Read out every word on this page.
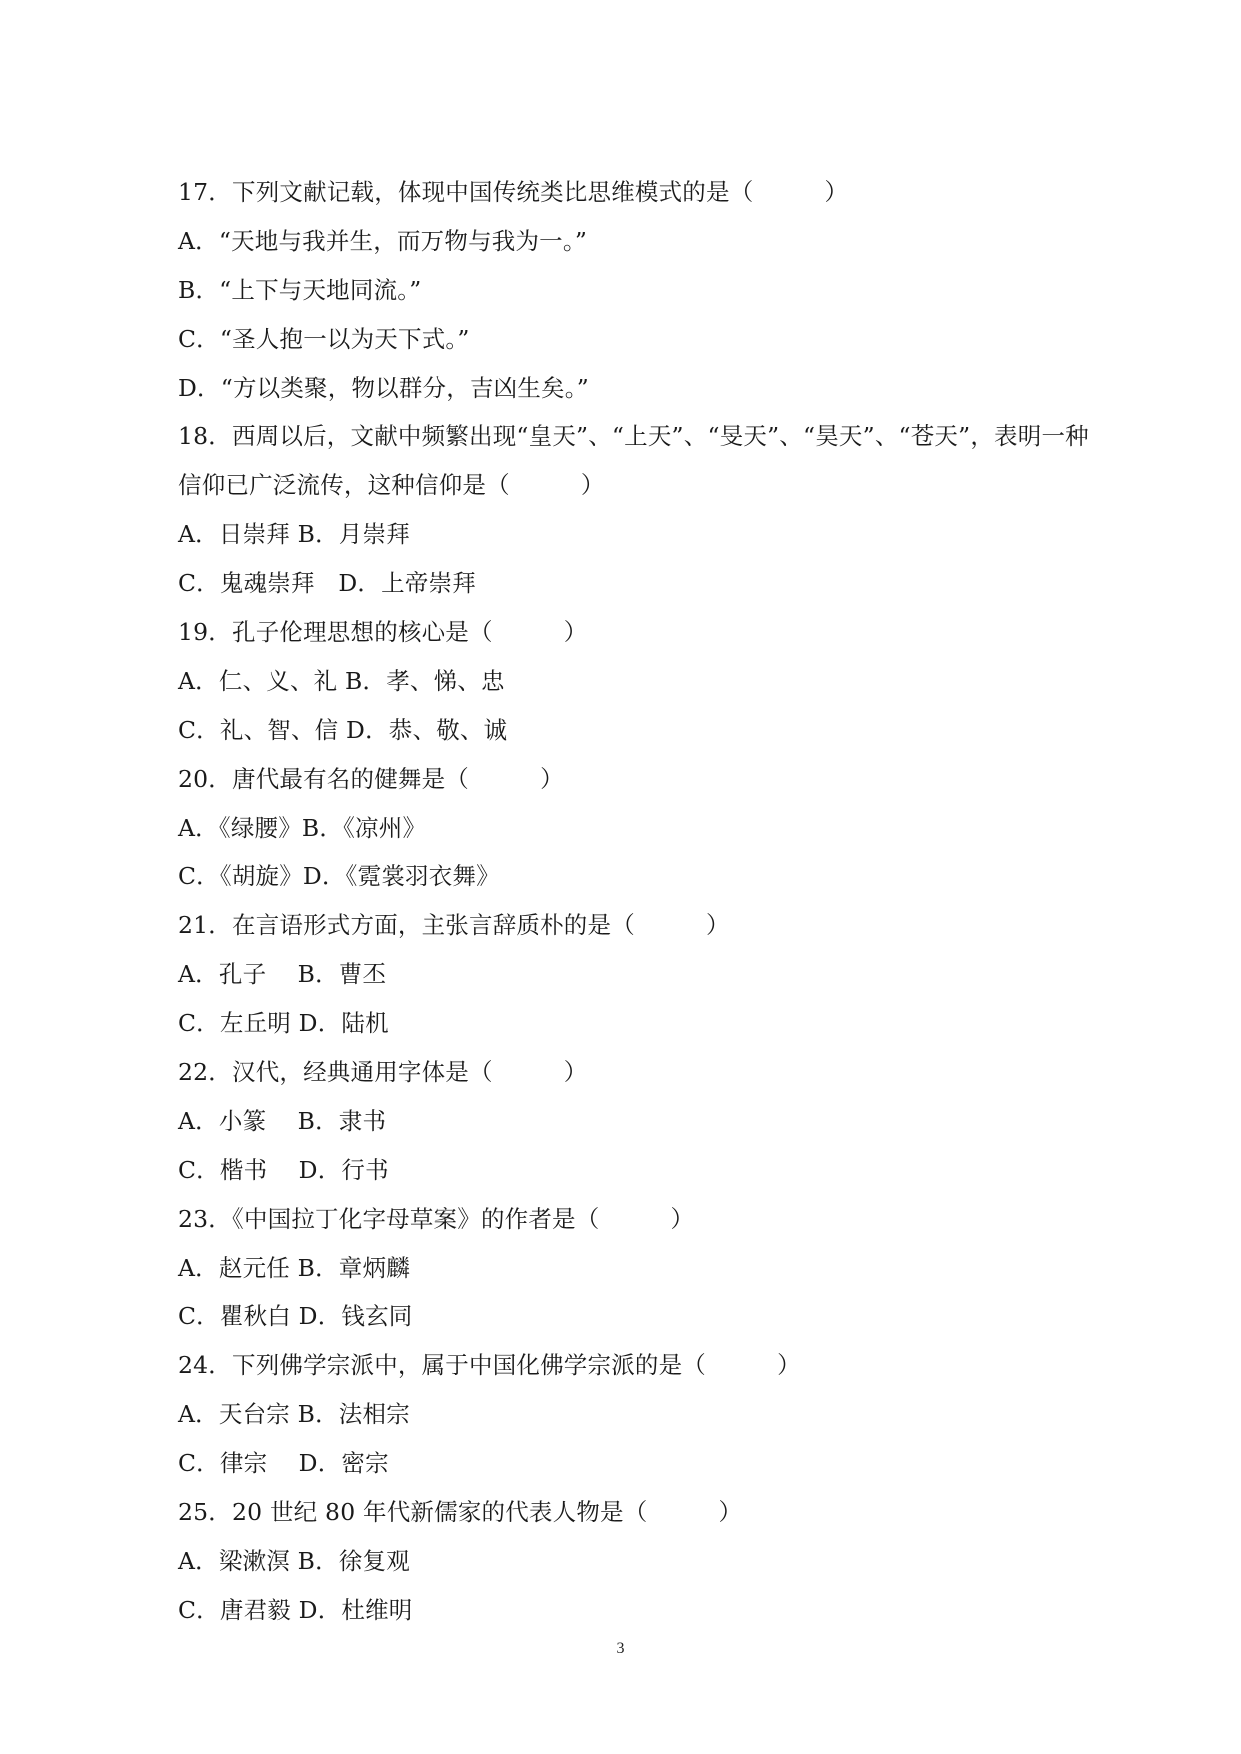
17．下列文献记载，体现中国传统类比思维模式的是（　　　）
A．“天地与我并生，而万物与我为一。”
B．“上下与天地同流。”
C．“圣人抱一以为天下式。”
D．“方以类聚，物以群分，吉凶生矣。”
18．西周以后，文献中频繁出现“皇天”、“上天”、“旻天”、“昊天”、“苍天”，表明一种
信仰已广泛流传，这种信仰是（　　　）
A．日崇拜 B．月崇拜
C．鬼魂崇拜　D．上帝崇拜
19．孔子伦理思想的核心是（　　　）
A．仁、义、礼 B．孝、悌、忠
C．礼、智、信 D．恭、敬、诚
20．唐代最有名的健舞是（　　　）
A．《绿腰》B．《凉州》
C．《胡旋》D．《霓裳羽衣舞》
21．在言语形式方面，主张言辞质朴的是（　　　）
A．孔子　 B．曹丕
C．左丘明 D．陆机
22．汉代，经典通用字体是（　　　）
A．小篆　 B．隶书
C．楷书　 D．行书
23．《中国拉丁化字母草案》的作者是（　　　）
A．赵元任 B．章炳麟
C．瞿秋白 D．钱玄同
24．下列佛学宗派中，属于中国化佛学宗派的是（　　　）
A．天台宗 B．法相宗
C．律宗　 D．密宗
25．20 世纪 80 年代新儒家的代表人物是（　　　）
A．梁漱溟 B．徐复观
C．唐君毅 D．杜维明
3
